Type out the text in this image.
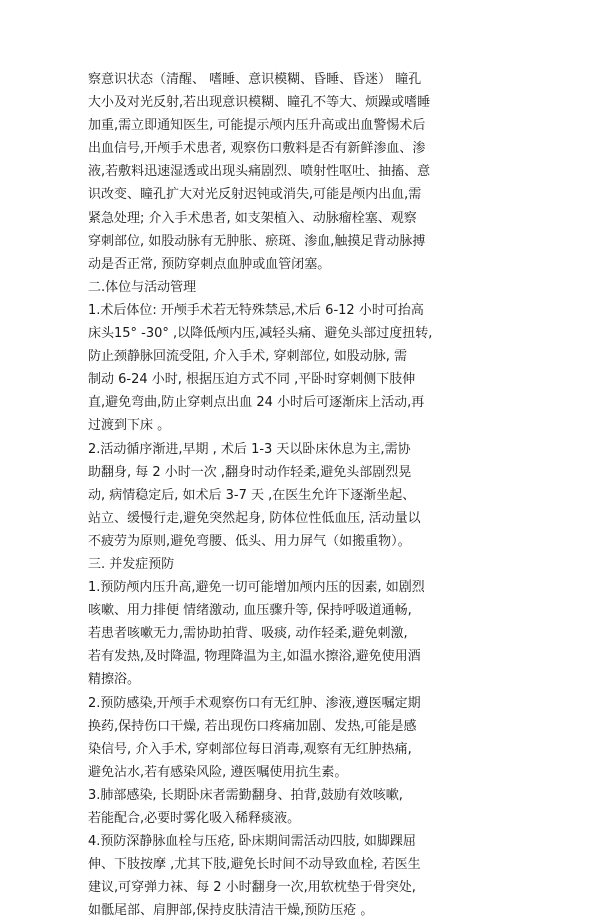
察意识状态（清醒、 嗜睡、意识模糊、昏睡、昏迷） 瞳孔
大小及对光反射,若出现意识模糊、瞳孔不等大、烦躁或嗜睡
加重,需立即通知医生, 可能提示颅内压升高或出血警惕术后
出血信号,开颅手术患者, 观察伤口敷料是否有新鲜渗血、渗
液,若敷料迅速湿透或出现头痛剧烈、喷射性呕吐、抽搐、意
识改变、瞳孔扩大对光反射迟钝或消失,可能是颅内出血,需
紧急处理; 介入手术患者, 如支架植入、动脉瘤栓塞、观察
穿刺部位, 如股动脉有无肿胀、瘀斑、渗血,触摸足背动脉搏
动是否正常, 预防穿刺点血肿或血管闭塞。
二.体位与活动管理
1.术后体位: 开颅手术若无特殊禁忌,术后 6-12 小时可抬高
床头15° -30° ,以降低颅内压,减轻头痛、避免头部过度扭转,
防止颈静脉回流受阻, 介入手术, 穿刺部位, 如股动脉, 需
制动 6-24 小时, 根据压迫方式不同 ,平卧时穿刺侧下肢伸
直,避免弯曲,防止穿刺点出血 24 小时后可逐渐床上活动,再
过渡到下床 。
2.活动循序渐进,早期 , 术后 1-3 天以卧床休息为主,需协
助翻身, 每 2 小时一次 ,翻身时动作轻柔,避免头部剧烈晃
动, 病情稳定后, 如术后 3-7 天 ,在医生允许下逐渐坐起、
站立、缓慢行走,避免突然起身, 防体位性低血压, 活动量以
不疲劳为原则,避免弯腰、低头、用力屏气（如搬重物）。
三. 并发症预防
1.预防颅内压升高,避免一切可能增加颅内压的因素, 如剧烈
咳嗽、用力排便 情绪激动, 血压骤升等, 保持呼吸道通畅,
若患者咳嗽无力,需协助拍背、吸痰, 动作轻柔,避免刺激,
若有发热,及时降温, 物理降温为主,如温水擦浴,避免使用酒
精擦浴。
2.预防感染,开颅手术观察伤口有无红肿、渗液,遵医嘱定期
换药,保持伤口干燥, 若出现伤口疼痛加剧、发热,可能是感
染信号, 介入手术, 穿刺部位每日消毒,观察有无红肿热痛,
避免沾水,若有感染风险, 遵医嘱使用抗生素。
3.肺部感染, 长期卧床者需勤翻身、拍背,鼓励有效咳嗽,
若能配合,必要时雾化吸入稀释痰液。
4.预防深静脉血栓与压疮, 卧床期间需活动四肢, 如脚踝屈
伸、下肢按摩 ,尤其下肢,避免长时间不动导致血栓, 若医生
建议,可穿弹力袜、每 2 小时翻身一次,用软枕垫于骨突处,
如骶尾部、肩胛部,保持皮肤清洁干燥,预防压疮 。
